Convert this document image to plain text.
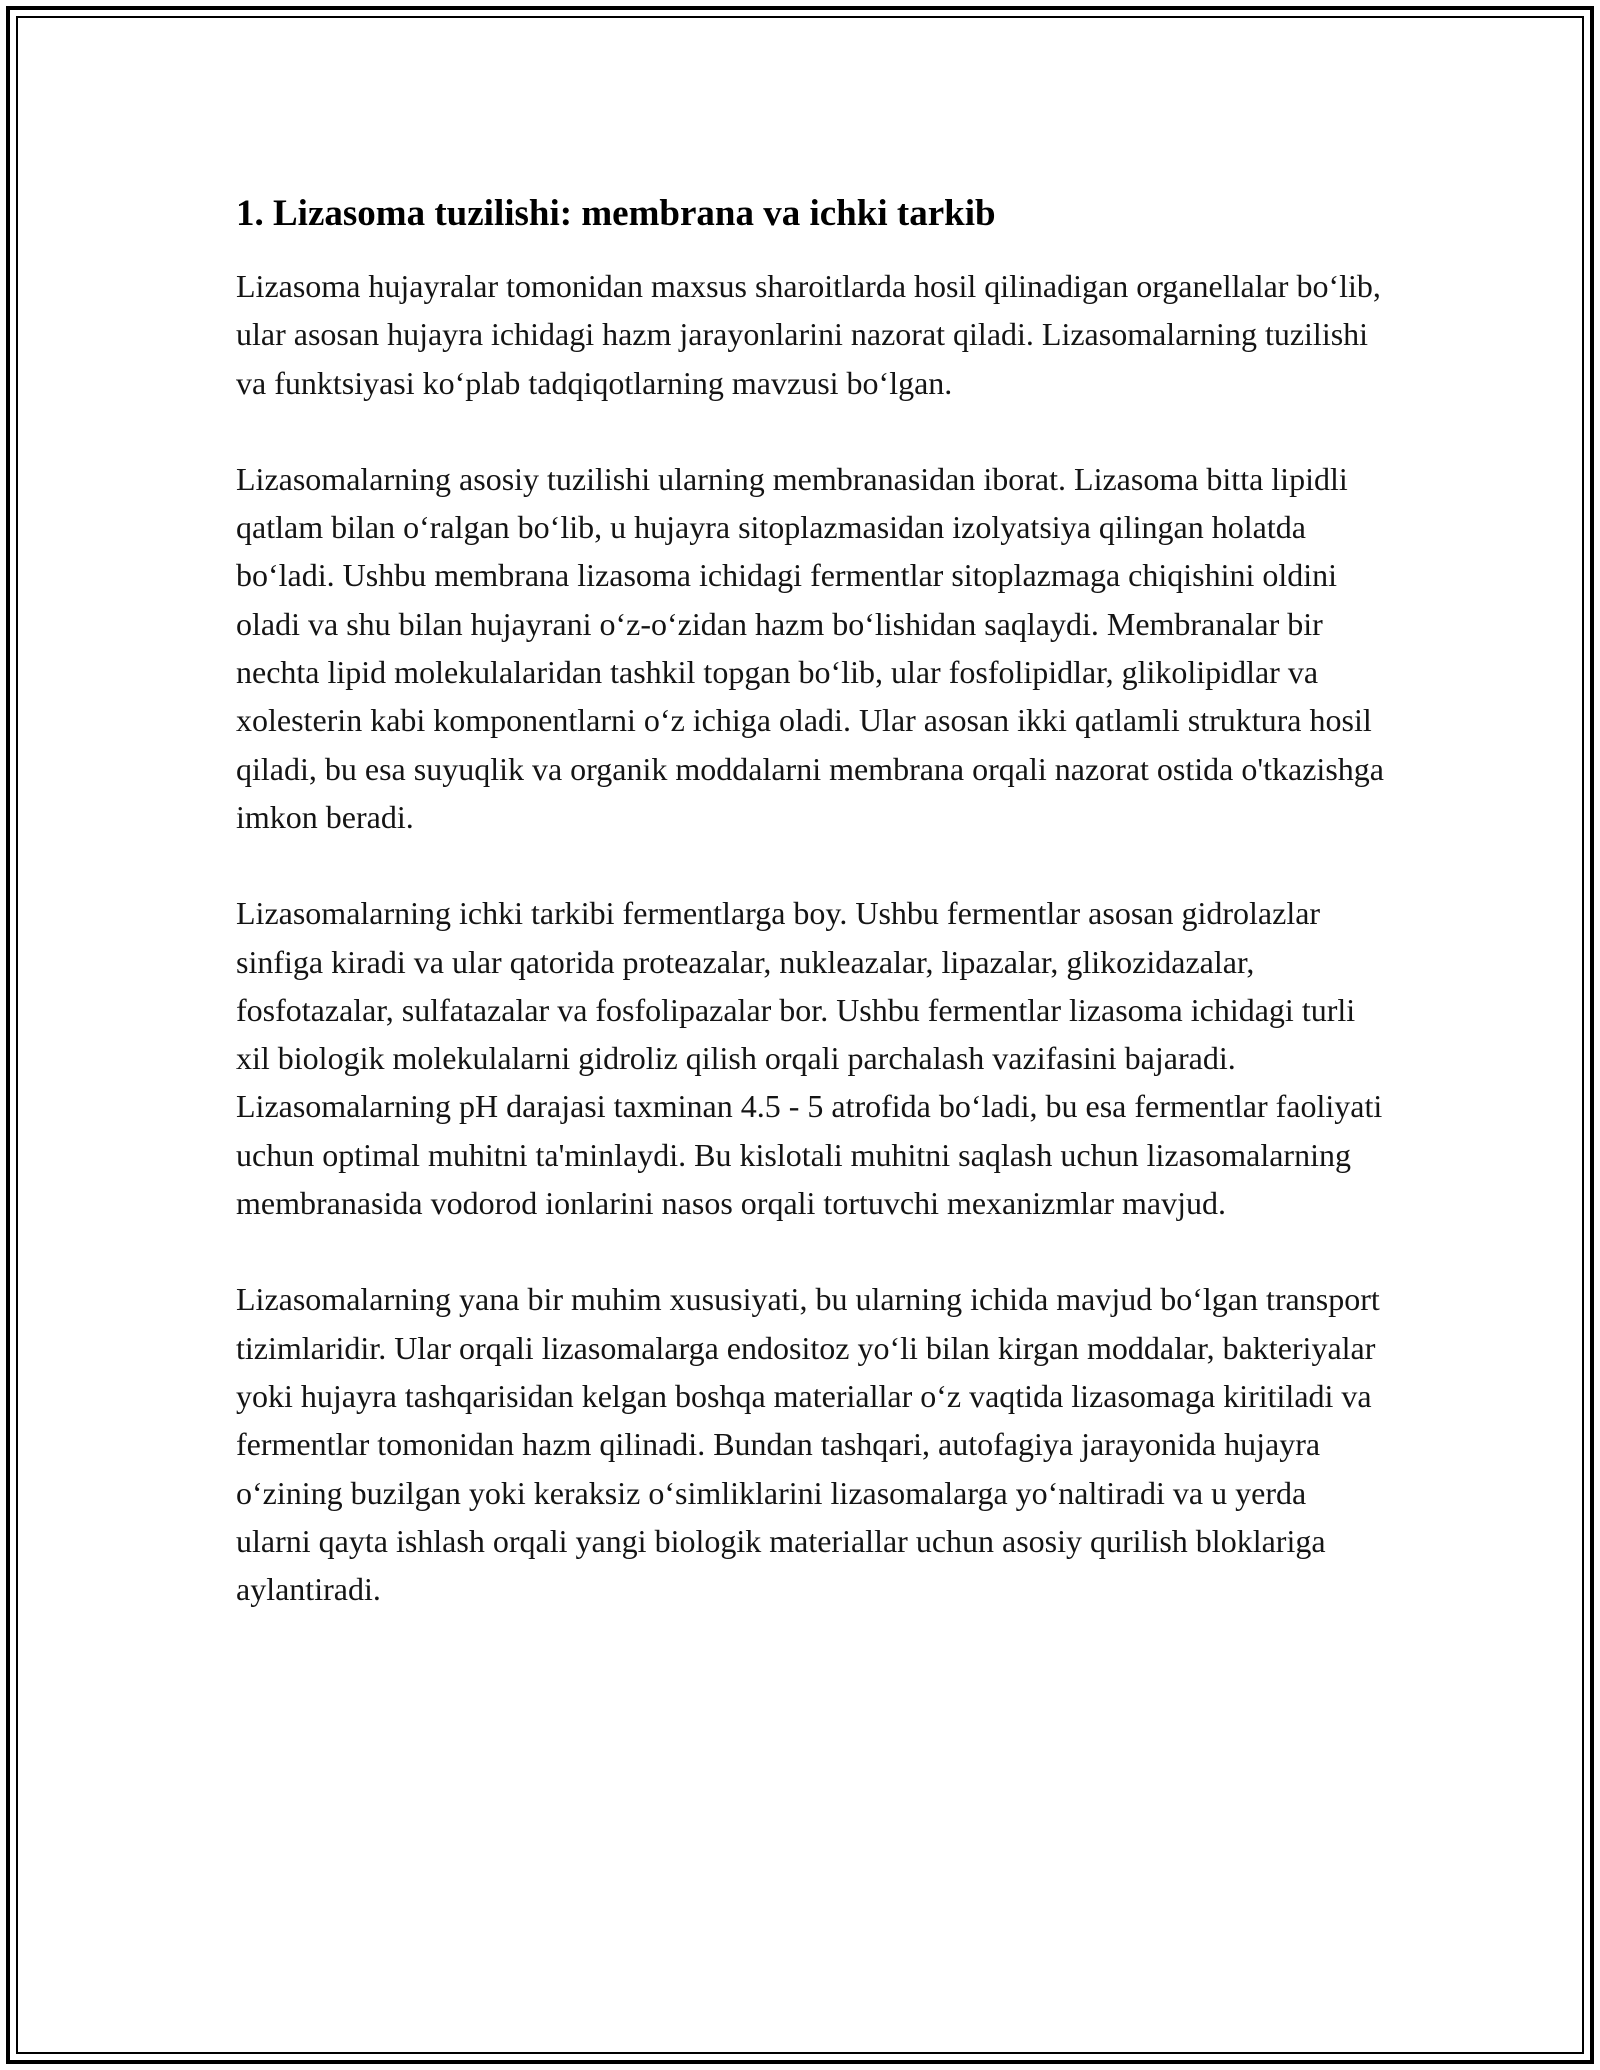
1. Lizasoma tuzilishi: membrana va ichki tarkib

Lizasoma hujayralar tomonidan maxsus sharoitlarda hosil qilinadigan organellalar bo‘lib, ular asosan hujayra ichidagi hazm jarayonlarini nazorat qiladi. Lizasomalarning tuzilishi va funktsiyasi ko‘plab tadqiqotlarning mavzusi bo‘lgan.

Lizasomalarning asosiy tuzilishi ularning membranasidan iborat. Lizasoma bitta lipidli qatlam bilan o‘ralgan bo‘lib, u hujayra sitoplazmasidan izolyatsiya qilingan holatda bo‘ladi. Ushbu membrana lizasoma ichidagi fermentlar sitoplazmaga chiqishini oldini oladi va shu bilan hujayrani o‘z-o‘zidan hazm bo‘lishidan saqlaydi. Membranalar bir nechta lipid molekulalaridan tashkil topgan bo‘lib, ular fosfolipidlar, glikolipidlar va xolesterin kabi komponentlarni o‘z ichiga oladi. Ular asosan ikki qatlamli struktura hosil qiladi, bu esa suyuqlik va organik moddalarni membrana orqali nazorat ostida o'tkazishga imkon beradi.

Lizasomalarning ichki tarkibi fermentlarga boy. Ushbu fermentlar asosan gidrolazlar sinfiga kiradi va ular qatorida proteazalar, nukleazalar, lipazalar, glikozidazalar, fosfotazalar, sulfatazalar va fosfolipazalar bor. Ushbu fermentlar lizasoma ichidagi turli xil biologik molekulalarni gidroliz qilish orqali parchalash vazifasini bajaradi. Lizasomalarning pH darajasi taxminan 4.5 - 5 atrofida bo‘ladi, bu esa fermentlar faoliyati uchun optimal muhitni ta'minlaydi. Bu kislotali muhitni saqlash uchun lizasomalarning membranasida vodorod ionlarini nasos orqali tortuvchi mexanizmlar mavjud.

Lizasomalarning yana bir muhim xususiyati, bu ularning ichida mavjud bo‘lgan transport tizimlaridir. Ular orqali lizasomalarga endositoz yo‘li bilan kirgan moddalar, bakteriyalar yoki hujayra tashqarisidan kelgan boshqa materiallar o‘z vaqtida lizasomaga kiritiladi va fermentlar tomonidan hazm qilinadi. Bundan tashqari, autofagiya jarayonida hujayra o‘zining buzilgan yoki keraksiz o‘simliklarini lizasomalarga yo‘naltiradi va u yerda ularni qayta ishlash orqali yangi biologik materiallar uchun asosiy qurilish bloklariga aylantiradi.
